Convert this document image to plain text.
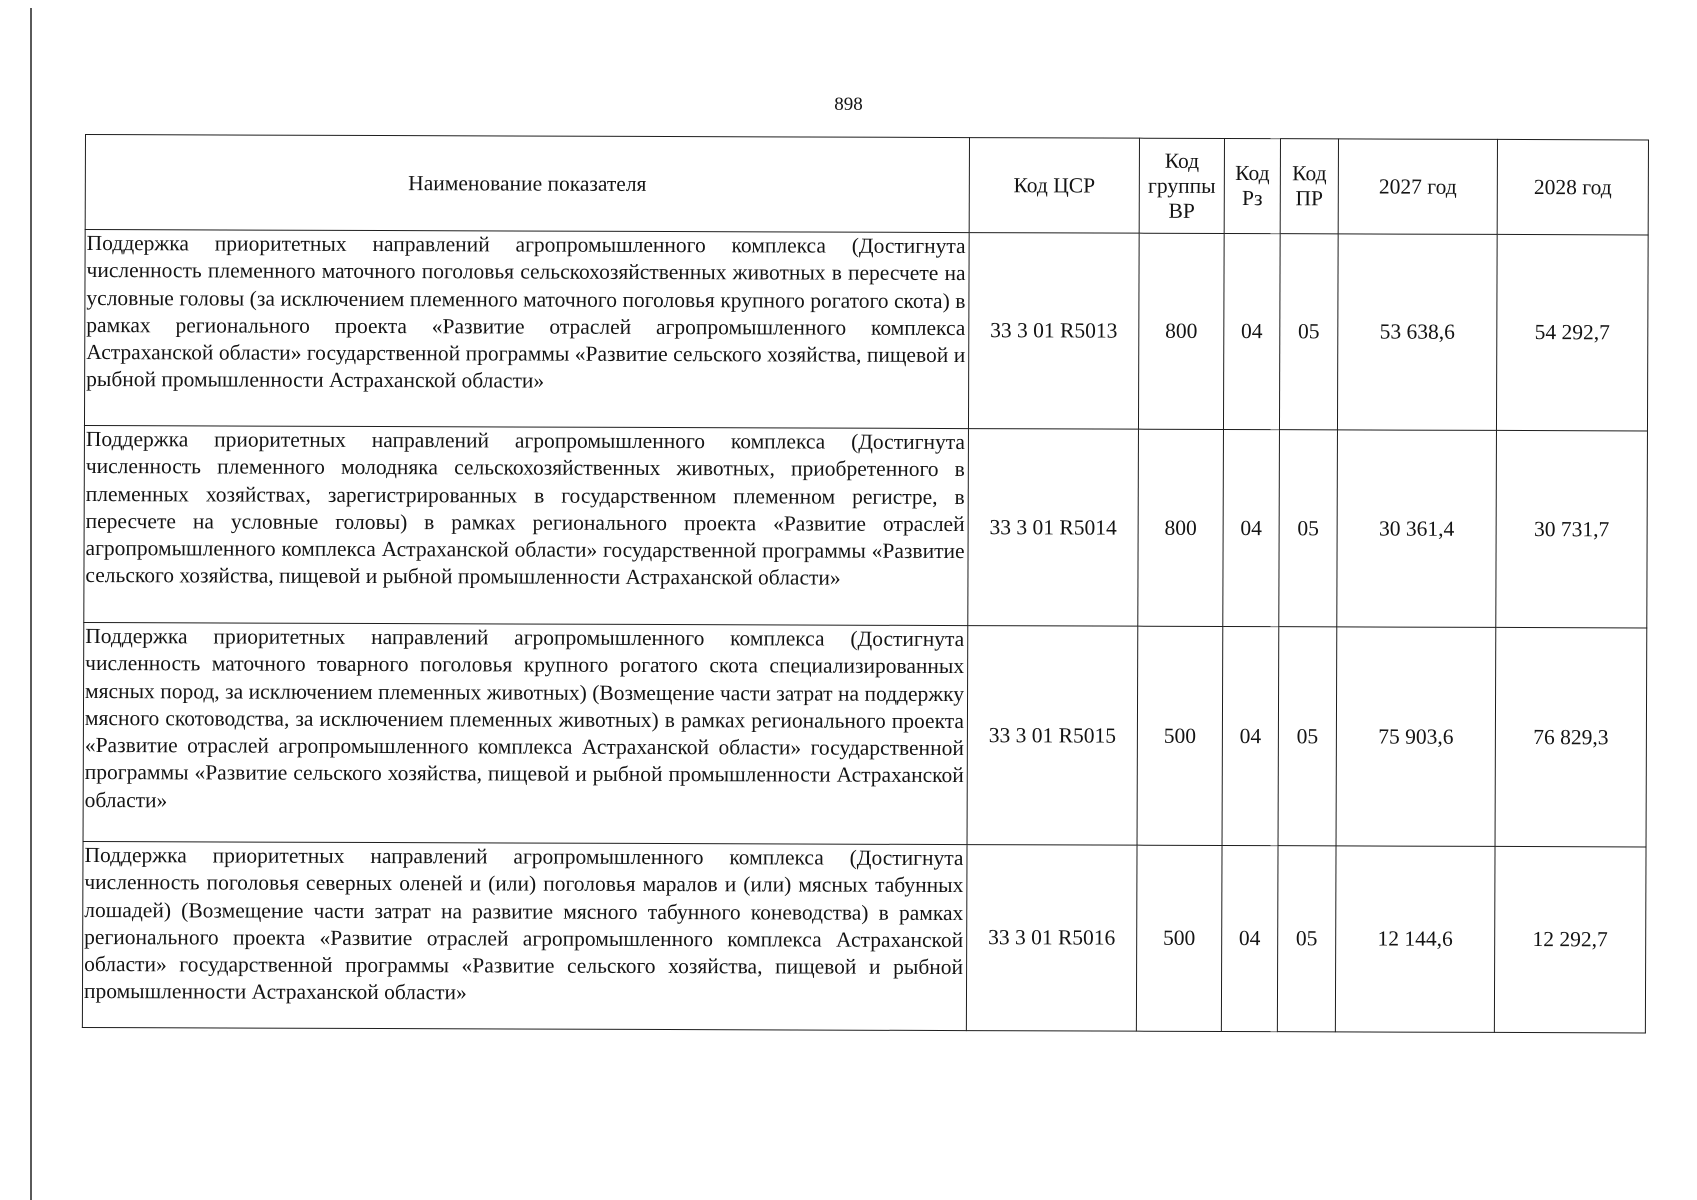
898
Наименование показателя	Код ЦСР	Код группы ВР	Код Рз	Код ПР	2027 год	2028 год
Поддержка приоритетных направлений агропромышленного комплекса (Достигнута численность племенного маточного поголовья сельскохозяйственных животных в пересчете на условные головы (за исключением племенного маточного поголовья крупного рогатого скота) в рамках регионального проекта «Развитие отраслей агропромышленного комплекса Астраханской области» государственной программы «Развитие сельского хозяйства, пищевой и рыбной промышленности Астраханской области»	33 3 01 R5013	800	04	05	53 638,6	54 292,7
Поддержка приоритетных направлений агропромышленного комплекса (Достигнута численность племенного молодняка сельскохозяйственных животных, приобретенного в племенных хозяйствах, зарегистрированных в государственном племенном регистре, в пересчете на условные головы) в рамках регионального проекта «Развитие отраслей агропромышленного комплекса Астраханской области» государственной программы «Развитие сельского хозяйства, пищевой и рыбной промышленности Астраханской области»	33 3 01 R5014	800	04	05	30 361,4	30 731,7
Поддержка приоритетных направлений агропромышленного комплекса (Достигнута численность маточного товарного поголовья крупного рогатого скота специализированных мясных пород, за исключением племенных животных) (Возмещение части затрат на поддержку мясного скотоводства, за исключением племенных животных) в рамках регионального проекта «Развитие отраслей агропромышленного комплекса Астраханской области» государственной программы «Развитие сельского хозяйства, пищевой и рыбной промышленности Астраханской области»	33 3 01 R5015	500	04	05	75 903,6	76 829,3
Поддержка приоритетных направлений агропромышленного комплекса (Достигнута численность поголовья северных оленей и (или) поголовья маралов и (или) мясных табунных лошадей) (Возмещение части затрат на развитие мясного табунного коневодства) в рамках регионального проекта «Развитие отраслей агропромышленного комплекса Астраханской области» государственной программы «Развитие сельского хозяйства, пищевой и рыбной промышленности Астраханской области»	33 3 01 R5016	500	04	05	12 144,6	12 292,7
